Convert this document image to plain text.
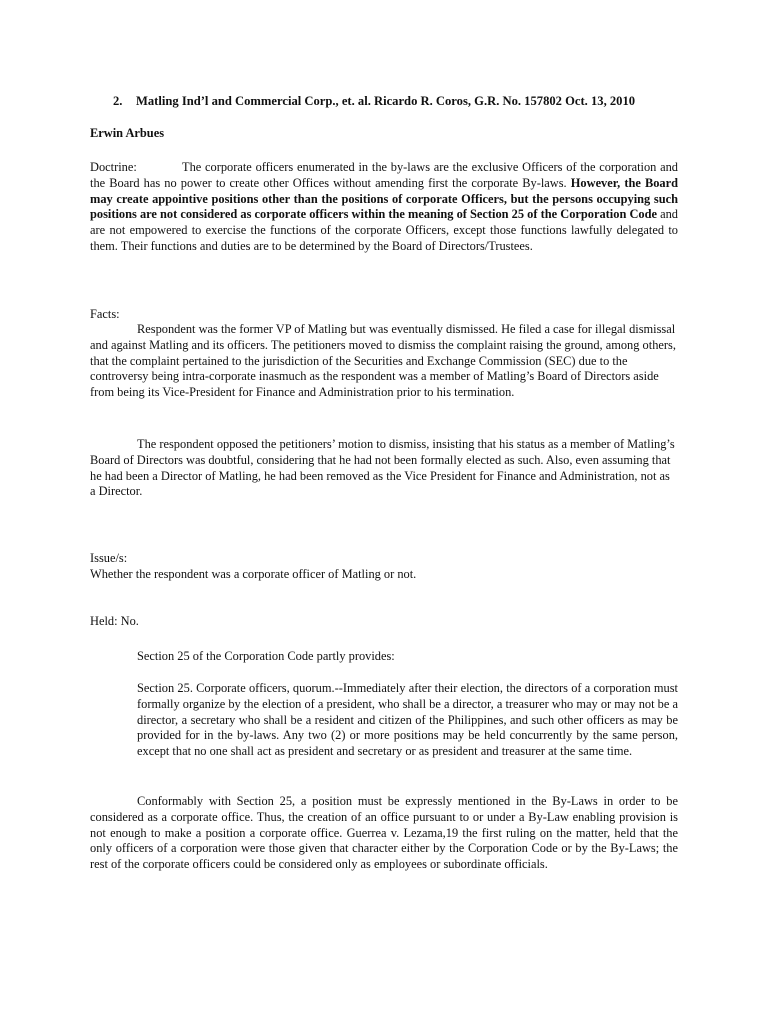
2.	Matling Ind’l and Commercial Corp., et. al. Ricardo R. Coros, G.R. No. 157802 Oct. 13, 2010
Erwin Arbues
Doctrine:	The corporate officers enumerated in the by-laws are the exclusive Officers of the corporation and the Board has no power to create other Offices without amending first the corporate By-laws. However, the Board may create appointive positions other than the positions of corporate Officers, but the persons occupying such positions are not considered as corporate officers within the meaning of Section 25 of the Corporation Code and are not empowered to exercise the functions of the corporate Officers, except those functions lawfully delegated to them. Their functions and duties are to be determined by the Board of Directors/Trustees.
Facts:
Respondent was the former VP of Matling but was eventually dismissed. He filed a case for illegal dismissal and against Matling and its officers. The petitioners moved to dismiss the complaint raising the ground, among others, that the complaint pertained to the jurisdiction of the Securities and Exchange Commission (SEC) due to the controversy being intra-corporate inasmuch as the respondent was a member of Matling’s Board of Directors aside from being its Vice-President for Finance and Administration prior to his termination.
The respondent opposed the petitioners’ motion to dismiss, insisting that his status as a member of Matling’s Board of Directors was doubtful, considering that he had not been formally elected as such. Also, even assuming that he had been a Director of Matling, he had been removed as the Vice President for Finance and Administration, not as a Director.
Issue/s:
Whether the respondent was a corporate officer of Matling or not.
Held: No.
Section 25 of the Corporation Code partly provides:
Section 25. Corporate officers, quorum.--Immediately after their election, the directors of a corporation must formally organize by the election of a president, who shall be a director, a treasurer who may or may not be a director, a secretary who shall be a resident and citizen of the Philippines, and such other officers as may be provided for in the by-laws. Any two (2) or more positions may be held concurrently by the same person, except that no one shall act as president and secretary or as president and treasurer at the same time.
Conformably with Section 25, a position must be expressly mentioned in the By-Laws in order to be considered as a corporate office. Thus, the creation of an office pursuant to or under a By-Law enabling provision is not enough to make a position a corporate office. Guerrea v. Lezama,19 the first ruling on the matter, held that the only officers of a corporation were those given that character either by the Corporation Code or by the By-Laws; the rest of the corporate officers could be considered only as employees or subordinate officials.
